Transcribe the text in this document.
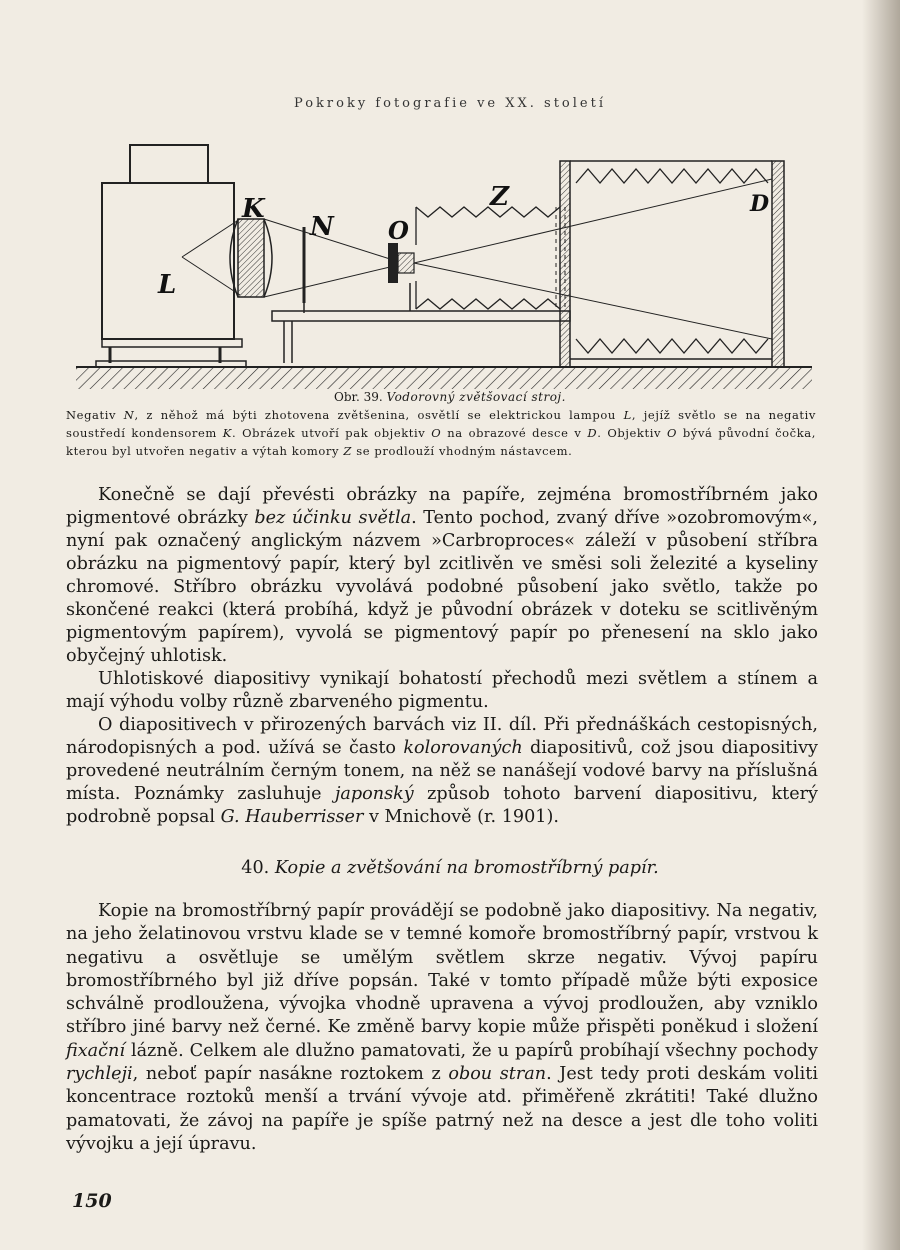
Pokroky fotografie ve XX. století
L
K
N O
Z	D
Obr. 39. Vodorovný zvětšovací stroj.
Negativ N, z něhož má býti zhotovena zvětšenina, osvětlí se elektrickou lampou L, jejíž světlo se na negativ soustředí kondensorem K. Obrázek utvoří pak objektiv O na obrazové desce v D. Objektiv O bývá původní čočka, kterou byl utvořen negativ a výtah komory Z se prodlouží vhodným nástavcem.

Konečně se dají převésti obrázky na papíře, zejména bromostříbrném jako pigmentové obrázky bez účinku světla. Tento pochod, zvaný dříve »ozobromovým«, nyní pak označený anglickým názvem »Carbroproces« záleží v působení stříbra obrázku na pigmentový papír, který byl zcitlivěn ve směsi soli železité a kyseliny chromové. Stříbro obrázku vyvolává podobné působení jako světlo, takže po skončené reakci (která probíhá, když je původní obrázek v doteku se scitlivěným pigmentovým papírem), vyvolá se pigmentový papír po přenesení na sklo jako obyčejný uhlotisk.

Uhlotiskové diapositivy vynikají bohatostí přechodů mezi světlem a stínem a mají výhodu volby různě zbarveného pigmentu.

O diapositivech v přirozených barvách viz II. díl. Při přednáškách cestopisných, národopisných a pod. užívá se často kolorovaných diapositivů, což jsou diapositivy provedené neutrálním černým tonem, na něž se nanášejí vodové barvy na příslušná místa. Poznámky zasluhuje japonský způsob tohoto barvení diapositivu, který podrobně popsal G. Hauberrisser v Mnichově (r. 1901).

40. Kopie a zvětšování na bromostříbrný papír.

Kopie na bromostříbrný papír provádějí se podobně jako diapositivy. Na negativ, na jeho želatinovou vrstvu klade se v temné komoře bromostříbrný papír, vrstvou k negativu a osvětluje se umělým světlem skrze negativ. Vývoj papíru bromostříbrného byl již dříve popsán. Také v tomto případě může býti exposice schválně prodloužena, vývojka vhodně upravena a vývoj prodloužen, aby vzniklo stříbro jiné barvy než černé. Ke změně barvy kopie může přispěti poněkud i složení fixační lázně. Celkem ale dlužno pamatovati, že u papírů probíhají všechny pochody rychleji, neboť papír nasákne roztokem z obou stran. Jest tedy proti deskám voliti koncentrace roztoků menší a trvání vývoje atd. přiměřeně zkrátiti! Také dlužno pamatovati, že závoj na papíře je spíše patrný než na desce a jest dle toho voliti vývojku a její úpravu.

150
